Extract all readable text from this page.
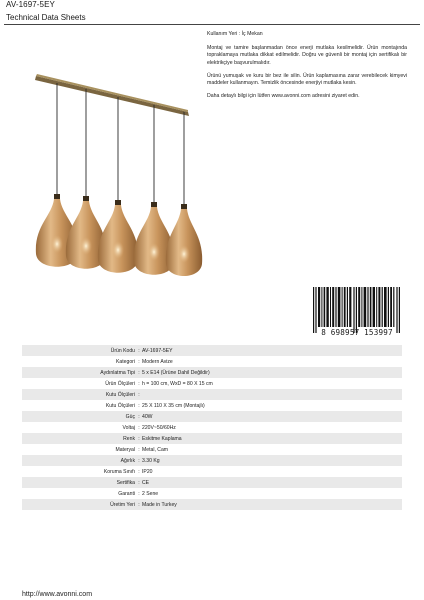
AV-1697-5EY
Technical Data Sheets

Kullanım Yeri : İç Mekan

Montaj ve tamire başlanmadan önce enerji mutlaka kesilmelidir. Ürün montajında topraklamaya mutlaka dikkat edilmelidir. Doğru ve güvenli bir montaj için sertifikalı bir elektrikçiye başvurulmalıdır.

Ürünü yumuşak ve kuru bir bez ile silin. Ürün kaplamasına zarar verebilecek kimyevi maddeler kullanmayın. Temizlik öncesinde enerjiyi mutlaka kesin.

Daha detaylı bilgi için lütfen www.avonni.com adresini ziyaret edin.

8 698957 153997
Ürün Kodu : AV-1697-5EY
Kategori : Modern Avize
Aydınlatma Tipi : 5 x E14 (Ürüne Dahil Değildir)
Ürün Ölçüleri : h = 100 cm, WxD = 80 X 15 cm
Kutu Ölçüleri :
Kutu Ölçüleri : 25 X 110 X 35 cm (Montajlı)
Güç : 40W
Voltaj : 220V~50/60Hz
Renk : Eskitme Kaplama
Materyal : Metal, Cam
Ağırlık : 3.30 Kg
Koruma Sınıfı : IP20
Sertifika : CE
Garanti : 2 Sene
Üretim Yeri : Made in Turkey
http://www.avonni.com
